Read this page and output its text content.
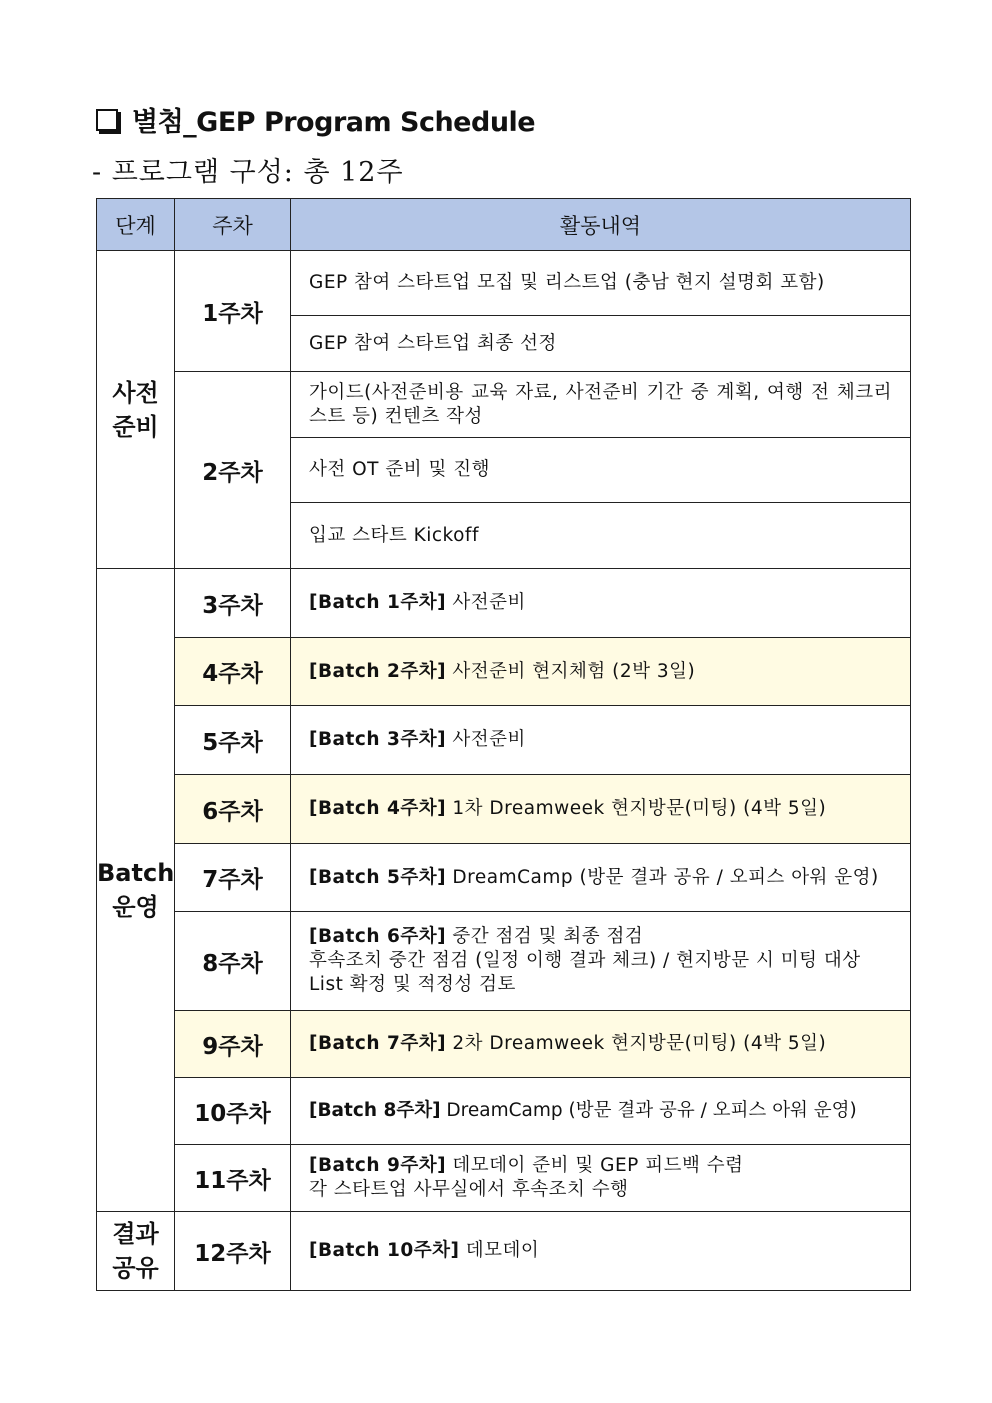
별첨_GEP Program Schedule
- 프로그램 구성: 총 12주
단계	주차	활동내역
사전
준비	1주차	GEP 참여 스타트업 모집 및 리스트업 (충남 현지 설명회 포함)
		GEP 참여 스타트업 최종 선정
	2주차	가이드(사전준비용 교육 자료, 사전준비 기간 중 계획, 여행 전 체크리스트 등) 컨텐츠 작성
		사전 OT 준비 및 진행
		입교 스타트 Kickoff
Batch
운영	3주차	[Batch 1주차] 사전준비
	4주차	[Batch 2주차] 사전준비 현지체험 (2박 3일)
	5주차	[Batch 3주차] 사전준비
	6주차	[Batch 4주차] 1차 Dreamweek 현지방문(미팅) (4박 5일)
	7주차	[Batch 5주차] DreamCamp (방문 결과 공유 / 오피스 아워 운영)
	8주차	[Batch 6주차] 중간 점검 및 최종 점검
후속조치 중간 점검 (일정 이행 결과 체크) / 현지방문 시 미팅 대상 List 확정 및 적정성 검토
	9주차	[Batch 7주차] 2차 Dreamweek 현지방문(미팅) (4박 5일)
	10주차	[Batch 8주차] DreamCamp (방문 결과 공유 / 오피스 아워 운영)
	11주차	[Batch 9주차] 데모데이 준비 및 GEP 피드백 수렴
각 스타트업 사무실에서 후속조치 수행
결과
공유	12주차	[Batch 10주차] 데모데이
